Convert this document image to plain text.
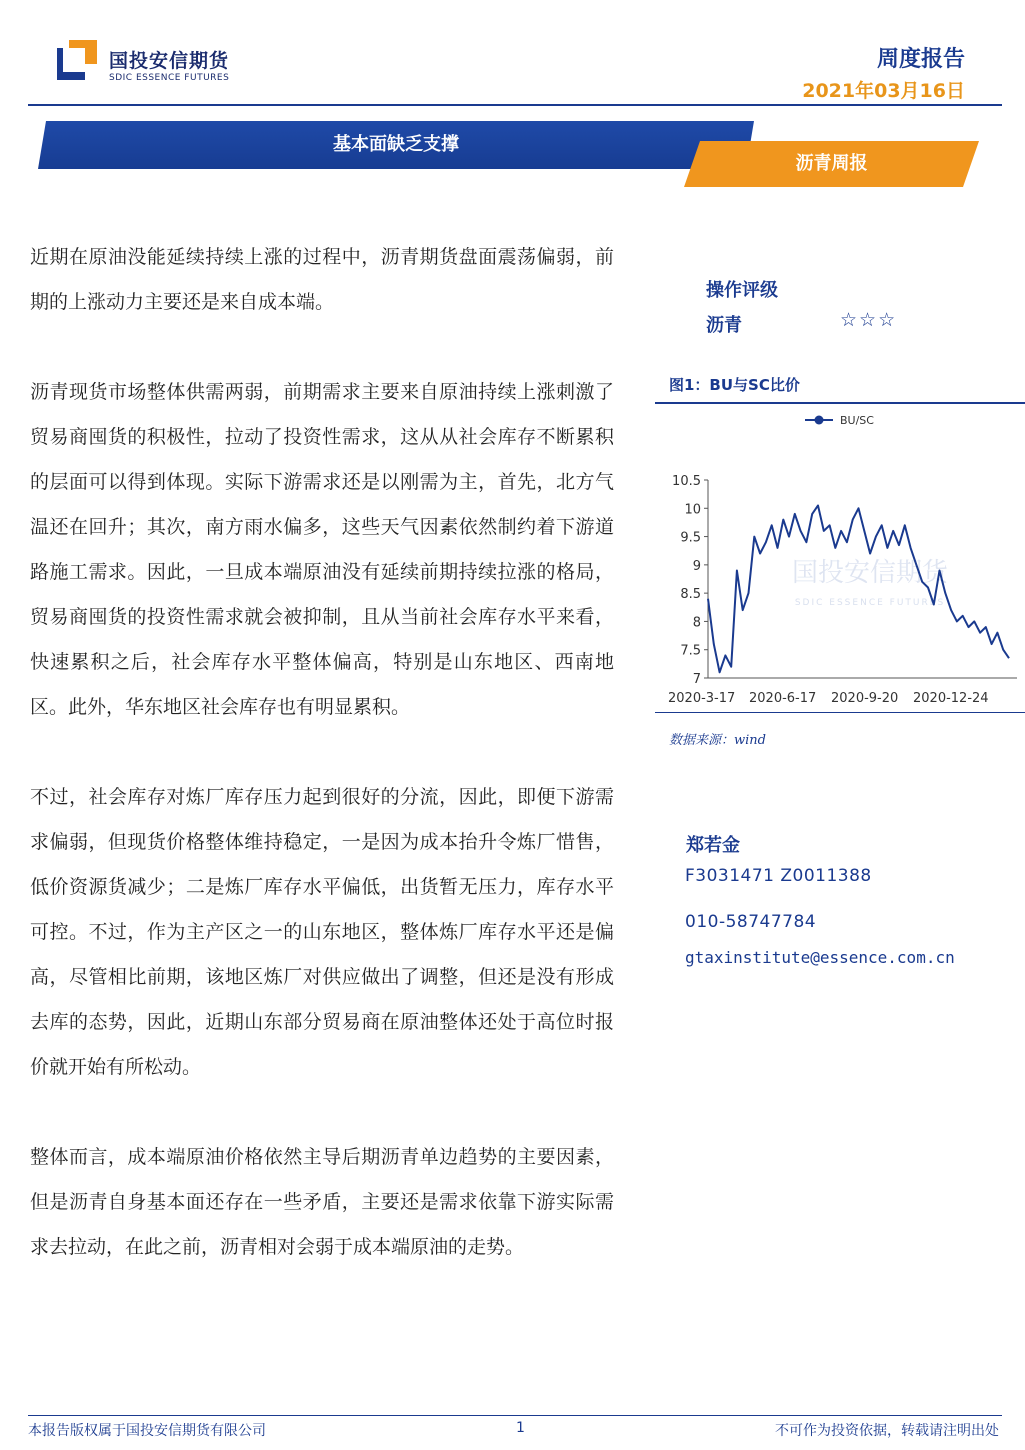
国投安信期货
SDIC ESSENCE FUTURES
周度报告
2021年03月16日
基本面缺乏支撑
沥青周报

近期在原油没能延续持续上涨的过程中，沥青期货盘面震荡偏弱，前期的上涨动力主要还是来自成本端。

沥青现货市场整体供需两弱，前期需求主要来自原油持续上涨刺激了贸易商囤货的积极性，拉动了投资性需求，这从从社会库存不断累积的层面可以得到体现。实际下游需求还是以刚需为主，首先，北方气温还在回升；其次，南方雨水偏多，这些天气因素依然制约着下游道路施工需求。因此，一旦成本端原油没有延续前期持续拉涨的格局，贸易商囤货的投资性需求就会被抑制，且从当前社会库存水平来看，快速累积之后，社会库存水平整体偏高，特别是山东地区、西南地区。此外，华东地区社会库存也有明显累积。

不过，社会库存对炼厂库存压力起到很好的分流，因此，即便下游需求偏弱，但现货价格整体维持稳定，一是因为成本抬升令炼厂惜售，低价资源货减少；二是炼厂库存水平偏低，出货暂无压力，库存水平可控。不过，作为主产区之一的山东地区，整体炼厂库存水平还是偏高，尽管相比前期，该地区炼厂对供应做出了调整，但还是没有形成去库的态势，因此，近期山东部分贸易商在原油整体还处于高位时报价就开始有所松动。

整体而言，成本端原油价格依然主导后期沥青单边趋势的主要因素，但是沥青自身基本面还存在一些矛盾，主要还是需求依靠下游实际需求去拉动，在此之前，沥青相对会弱于成本端原油的走势。

操作评级
沥青	☆☆☆
图1：BU与SC比价
国投安信期货
SDIC ESSENCE FUTURES
BU/SC
10.5
10
9.5
9
8.5
8
7.5
7
2020-3-17 2020-6-17 2020-9-20 2020-12-24
数据来源：wind
郑若金
F3031471 Z0011388
010-58747784
gtaxinstitute@essence.com.cn
本报告版权属于国投安信期货有限公司	1	不可作为投资依据，转载请注明出处
